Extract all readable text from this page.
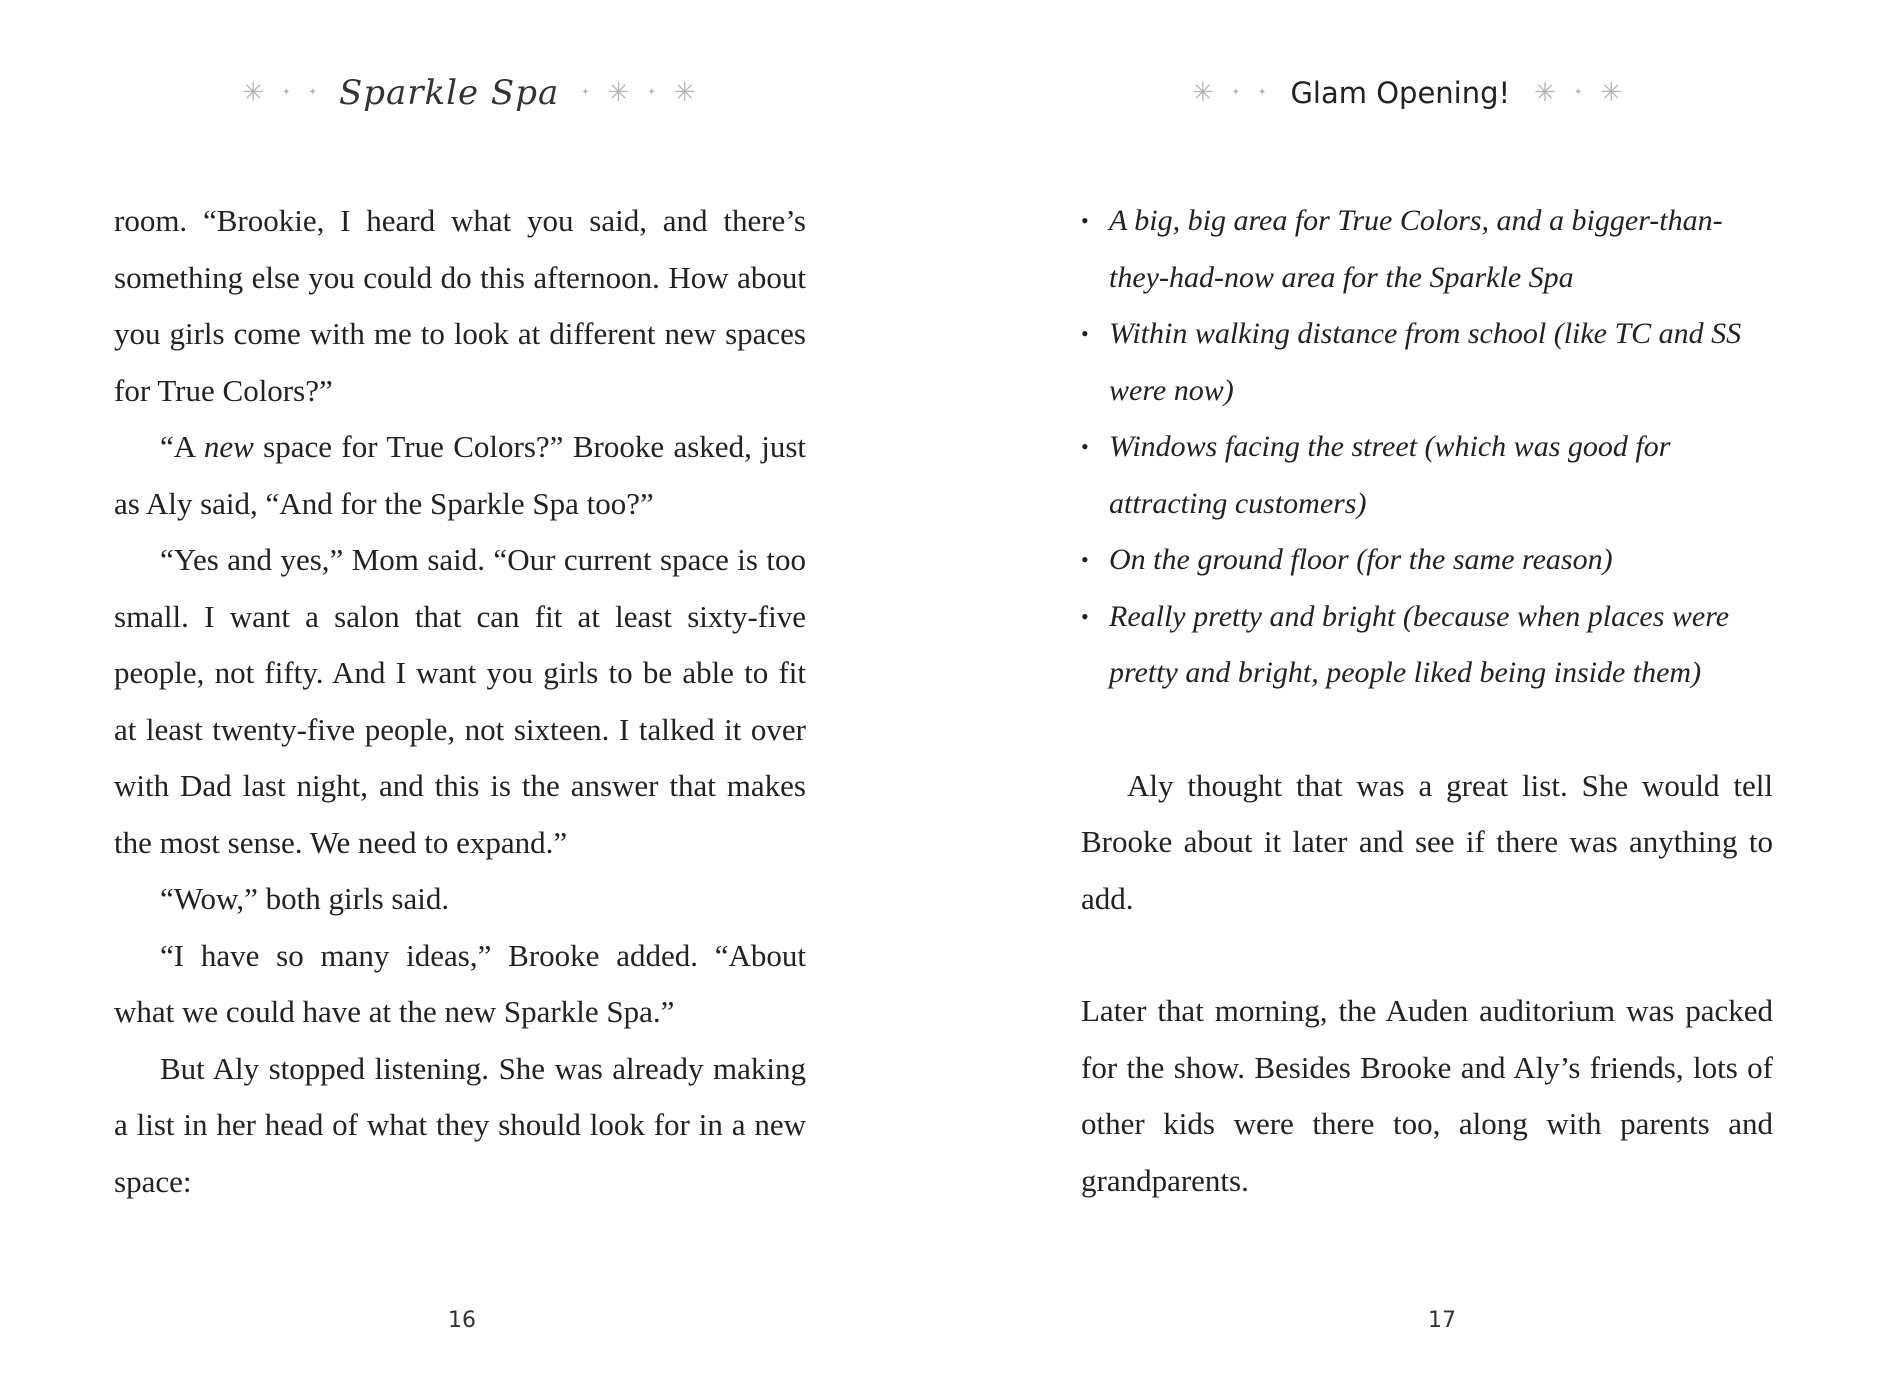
✳ ✦ ✦ Sparkle Spa ✦ ✳ ✦ ✳

room. “Brookie, I heard what you said, and there’s something else you could do this afternoon. How about you girls come with me to look at different new spaces for True Colors?”

“A new space for True Colors?” Brooke asked, just as Aly said, “And for the Sparkle Spa too?”

“Yes and yes,” Mom said. “Our current space is too small. I want a salon that can fit at least sixty-five people, not fifty. And I want you girls to be able to fit at least twenty-five people, not sixteen. I talked it over with Dad last night, and this is the answer that makes the most sense. We need to expand.”

“Wow,” both girls said.

“I have so many ideas,” Brooke added. “About what we could have at the new Sparkle Spa.”

But Aly stopped listening. She was already making a list in her head of what they should look for in a new space:

16
✳ ✦ ✦ Glam Opening! ✳ ✦ ✳
• A big, big area for True Colors, and a bigger-than-they-had-now area for the Sparkle Spa
• Within walking distance from school (like TC and SS were now)
• Windows facing the street (which was good for attracting customers)
• On the ground floor (for the same reason)
• Really pretty and bright (because when places were pretty and bright, people liked being inside them)

Aly thought that was a great list. She would tell Brooke about it later and see if there was anything to add.

Later that morning, the Auden auditorium was packed for the show. Besides Brooke and Aly’s friends, lots of other kids were there too, along with parents and grandparents.

17
